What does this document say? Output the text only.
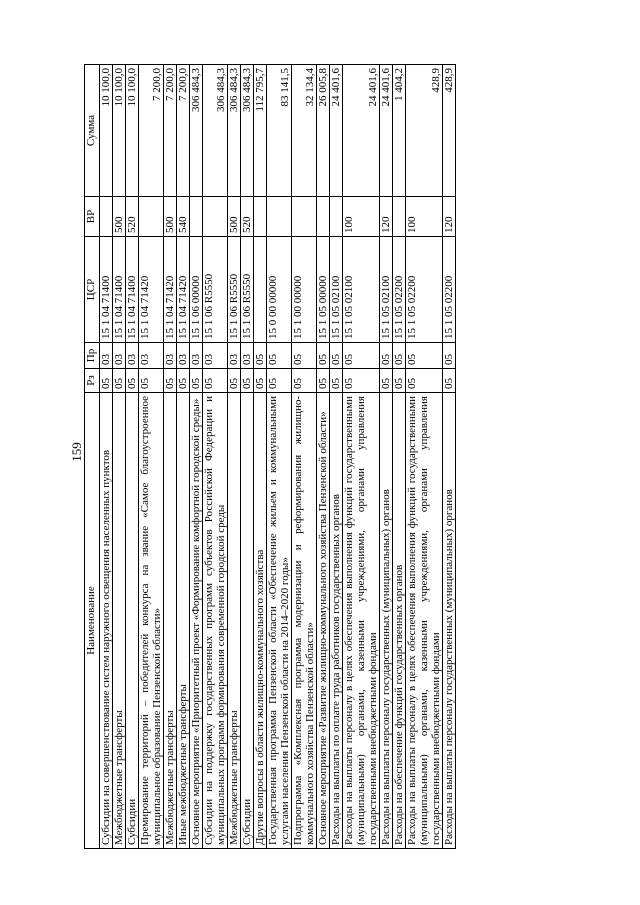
159
Наименование	Рз	Пр	ЦСР	ВР	Сумма
Субсидии на совершенствование систем наружного освещения населенных пунктов	05	03	15 1 04 71400		10 100,0
Межбюджетные трансферты	05	03	15 1 04 71400	500	10 100,0
Субсидии	05	03	15 1 04 71400	520	10 100,0
Премирование территорий – победителей конкурса на звание «Самое благоустроенное муниципальное образование Пензенской области»	05	03	15 1 04 71420		7 200,0
Межбюджетные трансферты	05	03	15 1 04 71420	500	7 200,0
Иные межбюджетные трансферты	05	03	15 1 04 71420	540	7 200,0
Основное мероприятие «Приоритетный проект «Формирование комфортной городской среды»	05	03	15 1 06 00000		306 484,3
Субсидии на поддержку государственных программ субъектов Российской Федерации и муниципальных программ формирования современной городской среды	05	03	15 1 06 R5550		306 484,3
Межбюджетные трансферты	05	03	15 1 06 R5550	500	306 484,3
Субсидии	05	03	15 1 06 R5550	520	306 484,3
Другие вопросы в области жилищно-коммунального хозяйства	05	05			112 795,7
Государственная программа Пензенской области «Обеспечение жильем и коммунальными услугами населения Пензенской области на 2014–2020 годы»	05	05	15 0 00 00000		83 141,5
Подпрограмма «Комплексная программа модернизации и реформирования жилищно-коммунального хозяйства Пензенской области»	05	05	15 1 00 00000		32 134,4
Основное мероприятие «Развитие жилищно-коммунального хозяйства Пензенской области»	05	05	15 1 05 00000		26 005,8
Расходы на выплаты по оплате труда работников государственных органов	05	05	15 1 05 02100		24 401,6
Расходы на выплаты персоналу в целях обеспечения выполнения функций государственными (муниципальными) органами, казенными учреждениями, органами управления государственными внебюджетными фондами	05	05	15 1 05 02100	100	24 401,6
Расходы на выплаты персоналу государственных (муниципальных) органов	05	05	15 1 05 02100	120	24 401,6
Расходы на обеспечение функций государственных органов	05	05	15 1 05 02200		1 404,2
Расходы на выплаты персоналу в целях обеспечения выполнения функций государственными (муниципальными) органами, казенными учреждениями, органами управления государственными внебюджетными фондами	05	05	15 1 05 02200	100	428,9
Расходы на выплаты персоналу государственных (муниципальных) органов	05	05	15 1 05 02200	120	428,9
